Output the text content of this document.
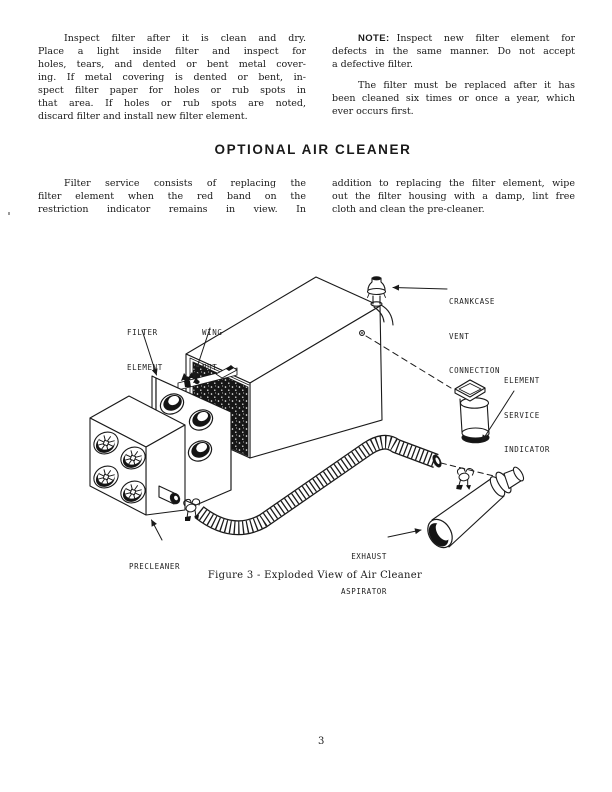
Inspect filter after it is clean and dry.
Place a light inside filter and inspect for
holes, tears, and dented or bent metal cover-
ing. If metal covering is dented or bent, in-
spect filter paper for holes or rub spots in
that area. If holes or rub spots are noted,
discard filter and install new filter element.
NOTE: Inspect new filter element for
defects in the same manner. Do not accept
a defective filter.
The filter must be replaced after it has
been cleaned six times or once a year, which
ever occurs first.
OPTIONAL AIR CLEANER
Filter service consists of replacing the
filter element when the red band on the
restriction indicator remains in view. In
addition to replacing the filter element, wipe
out the filter housing with a damp, lint free
cloth and clean the pre-cleaner.

FILTER

ELEMENT

WING

NUT

CRANKCASE

VENT

CONNECTION

ELEMENT

SERVICE

INDICATOR

PRECLEANER

EXHAUST

ASPIRATOR

Figure 3 - Exploded View of Air Cleaner
3
